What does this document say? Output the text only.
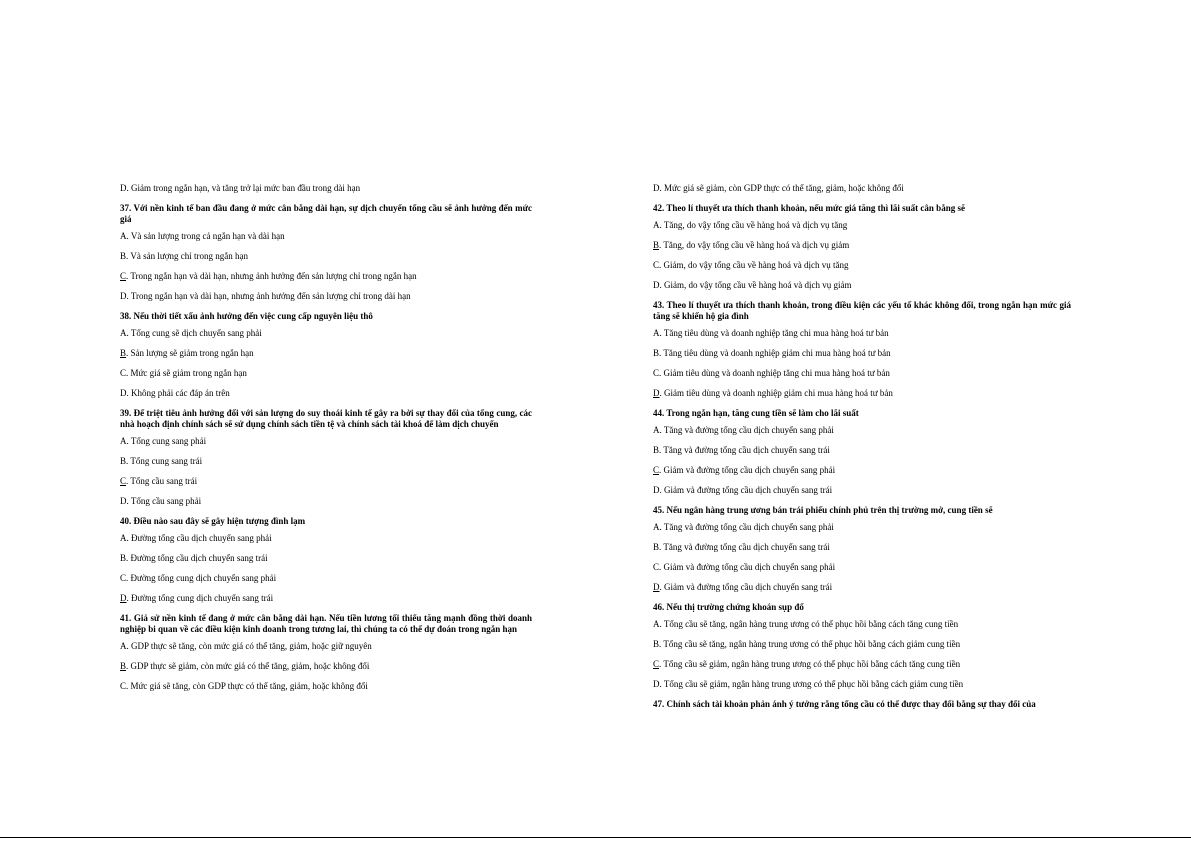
D. Giảm trong ngắn hạn, và tăng trở lại mức ban đầu trong dài hạn

37. Với nền kinh tế ban đầu đang ở mức cân bằng dài hạn, sự dịch chuyển tổng cầu sẽ ảnh hưởng đến mức giá

A. Và sản lượng trong cả ngắn hạn và dài hạn

B. Và sản lượng chỉ trong ngắn hạn

C. Trong ngắn hạn và dài hạn, nhưng ảnh hưởng đến sản lượng chỉ trong ngắn hạn

D. Trong ngắn hạn và dài hạn, nhưng ảnh hưởng đến sản lượng chỉ trong dài hạn

38. Nếu thời tiết xấu ảnh hưởng đến việc cung cấp nguyên liệu thô

A. Tổng cung sẽ dịch chuyển sang phải

B. Sản lượng sẽ giảm trong ngắn hạn

C. Mức giá sẽ giảm trong ngắn hạn

D. Không phải các đáp án trên

39. Để triệt tiêu ảnh hưởng đối với sản lượng do suy thoái kinh tế gây ra bởi sự thay đổi của tổng cung, các nhà hoạch định chính sách sẽ sử dụng chính sách tiền tệ và chính sách tài khoá để làm dịch chuyển

A. Tổng cung sang phải

B. Tổng cung sang trái

C. Tổng cầu sang trái

D. Tổng cầu sang phải

40. Điều nào sau đây sẽ gây hiện tượng đình lạm

A. Đường tổng cầu dịch chuyển sang phải

B. Đường tổng cầu dịch chuyển sang trái

C. Đường tổng cung dịch chuyển sang phải

D. Đường tổng cung dịch chuyển sang trái

41. Giả sử nền kinh tế đang ở mức cân bằng dài hạn. Nếu tiền lương tối thiểu tăng mạnh đồng thời doanh nghiệp bi quan về các điều kiện kinh doanh trong tương lai, thì chúng ta có thể dự đoán trong ngắn hạn

A. GDP thực sẽ tăng, còn mức giá có thể tăng, giảm, hoặc giữ nguyên

B. GDP thực sẽ giảm, còn mức giá có thể tăng, giảm, hoặc không đổi

C. Mức giá sẽ tăng, còn GDP thực có thể tăng, giảm, hoặc không đổi

D. Mức giá sẽ giảm, còn GDP thực có thể tăng, giảm, hoặc không đổi

42. Theo lí thuyết ưa thích thanh khoản, nếu mức giá tăng thì lãi suất cân bằng sẽ

A. Tăng, do vậy tổng cầu về hàng hoá và dịch vụ tăng

B. Tăng, do vậy tổng cầu về hàng hoá và dịch vụ giảm

C. Giảm, do vậy tổng cầu về hàng hoá và dịch vụ tăng

D. Giảm, do vậy tổng cầu về hàng hoá và dịch vụ giảm

43. Theo lí thuyết ưa thích thanh khoản, trong điều kiện các yếu tố khác không đổi, trong ngắn hạn mức giá tăng sẽ khiến hộ gia đình

A. Tăng tiêu dùng và doanh nghiệp tăng chi mua hàng hoá tư bản

B. Tăng tiêu dùng và doanh nghiệp giảm chi mua hàng hoá tư bản

C. Giảm tiêu dùng và doanh nghiệp tăng chi mua hàng hoá tư bản

D. Giảm tiêu dùng và doanh nghiệp giảm chi mua hàng hoá tư bản

44. Trong ngắn hạn, tăng cung tiền sẽ làm cho lãi suất

A. Tăng và đường tổng cầu dịch chuyển sang phải

B. Tăng và đường tổng cầu dịch chuyển sang trái

C. Giảm và đường tổng cầu dịch chuyển sang phải

D. Giảm và đường tổng cầu dịch chuyển sang trái

45. Nếu ngân hàng trung ương bán trái phiếu chính phủ trên thị trường mở, cung tiền sẽ

A. Tăng và đường tổng cầu dịch chuyển sang phải

B. Tăng và đường tổng cầu dịch chuyển sang trái

C. Giảm và đường tổng cầu dịch chuyển sang phải

D. Giảm và đường tổng cầu dịch chuyển sang trái

46. Nếu thị trường chứng khoán sụp đổ

A. Tổng cầu sẽ tăng, ngân hàng trung ương có thể phục hồi bằng cách tăng cung tiền

B. Tổng cầu sẽ tăng, ngân hàng trung ương có thể phục hồi bằng cách giảm cung tiền

C. Tổng cầu sẽ giảm, ngân hàng trung ương có thể phục hồi bằng cách tăng cung tiền

D. Tổng cầu sẽ giảm, ngân hàng trung ương có thể phục hồi bằng cách giảm cung tiền

47. Chính sách tài khoản phản ánh ý tưởng rằng tổng cầu có thể được thay đổi bằng sự thay đổi của
